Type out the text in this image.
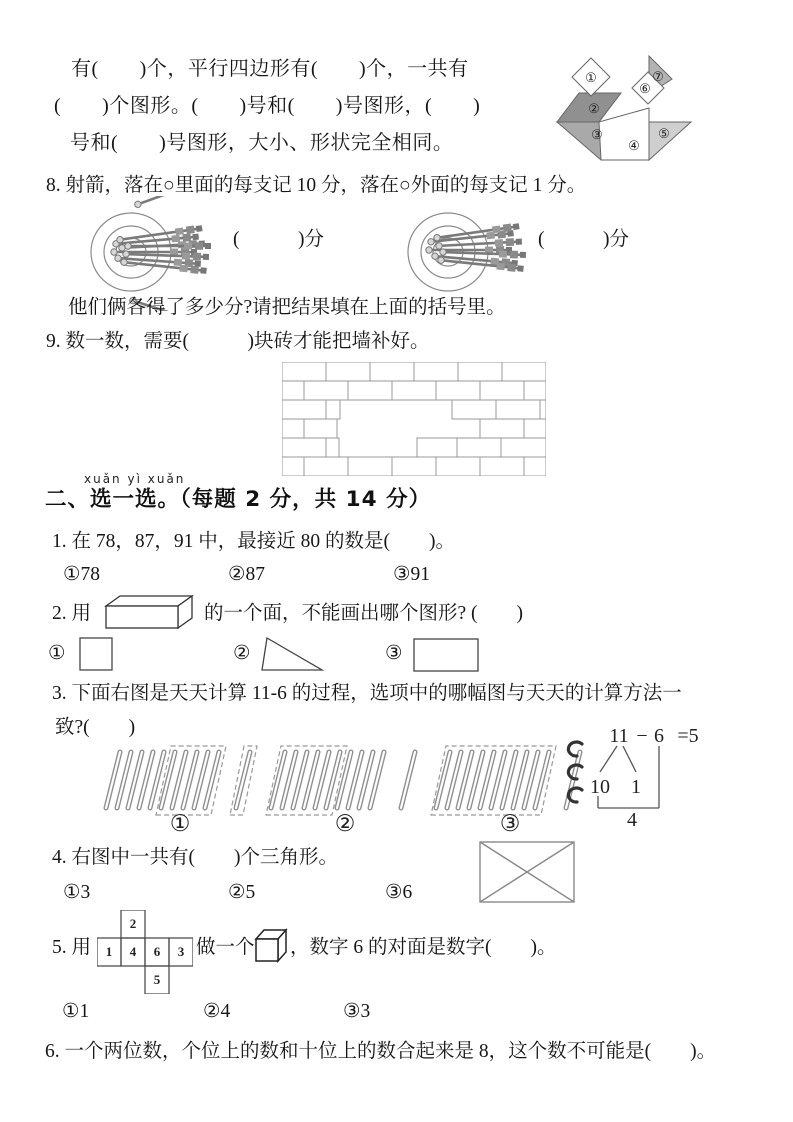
有(　　)个，平行四边形有(　　)个，一共有
(　　)个图形。(　　)号和(　　)号图形，(　　)
号和(　　)号图形，大小、形状完全相同。
①
②
③
④
⑤
⑥
⑦
8. 射箭，落在○里面的每支记 10 分，落在○外面的每支记 1 分。
(　　　)分	(　　　)分
他们俩各得了多少分?请把结果填在上面的括号里。
9. 数一数，需要(　　　)块砖才能把墙补好。
xuǎn yì xuǎn
二、选一选。（每题 2 分，共 14 分）
1. 在 78，87，91 中，最接近 80 的数是(　　)。
①78	②87	③91
2. 用	的一个面，不能画出哪个图形? (　　)
①	②	③
3. 下面右图是天天计算 11-6 的过程，选项中的哪幅图与天天的计算方法一
致?(　　)
①	②	③
11 − 6 =5
10 1
4
4. 右图中一共有(　　)个三角形。
①3	②5	③6
5. 用
2
1 4 6 3
5
做一个 ，数字 6 的对面是数字(　　)。
①1	②4	③3
6. 一个两位数，个位上的数和十位上的数合起来是 8，这个数不可能是(　　)。
